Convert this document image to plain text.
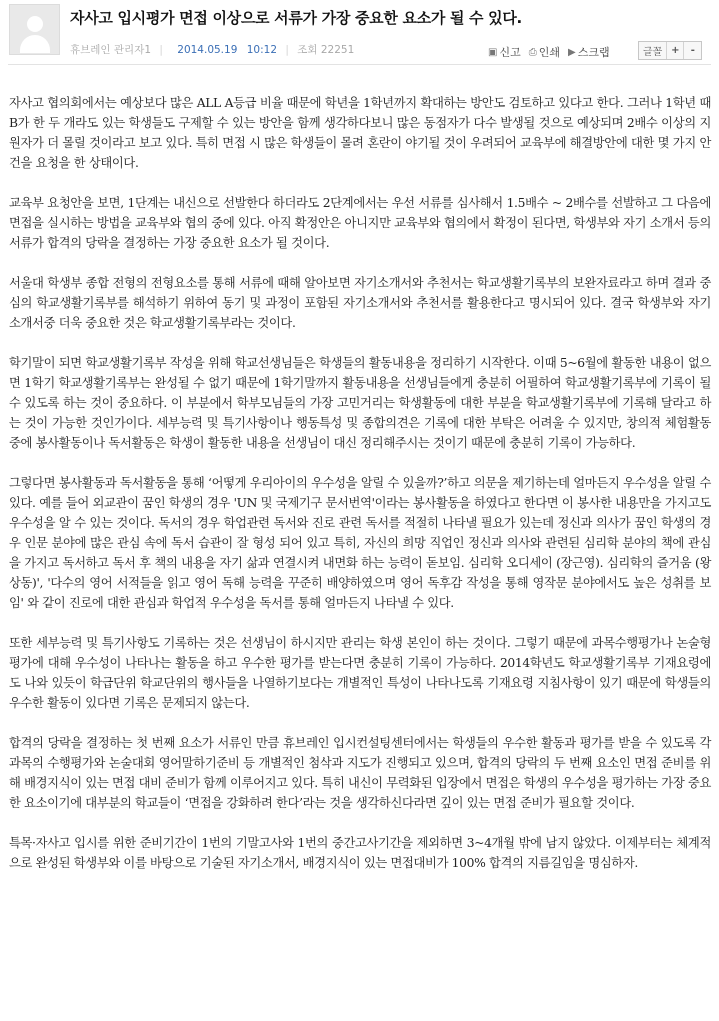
자사고 입시평가 면접 이상으로 서류가 가장 중요한 요소가 될 수 있다.
휴브레인 관리자1 | 2014.05.19 10:12 | 조회 22251	▣ 신고 ⎙ 인쇄 ▶ 스크랩	글꼴 +	-

자사고 협의회에서는 예상보다 많은 ALL A등급 비율 때문에 학년을 1학년까지 확대하는 방안도 검토하고 있다고 한다. 그러나 1학년 때 B가 한 두 개라도 있는 학생들도 구제할 수 있는 방안을 함께 생각하다보니 많은 동점자가 다수 발생될 것으로 예상되며 2배수 이상의 지원자가 더 몰릴 것이라고 보고 있다. 특히 면접 시 많은 학생들이 몰려 혼란이 야기될 것이 우려되어 교육부에 해결방안에 대한 몇 가지 안건을 요청을 한 상태이다.

교육부 요청안을 보면, 1단계는 내신으로 선발한다 하더라도 2단계에서는 우선 서류를 심사해서 1.5배수 ~ 2배수를 선발하고 그 다음에 면접을 실시하는 방법을 교육부와 협의 중에 있다. 아직 확정안은 아니지만 교육부와 협의에서 확정이 된다면, 학생부와 자기 소개서 등의 서류가 합격의 당락을 결정하는 가장 중요한 요소가 될 것이다.

서울대 학생부 종합 전형의 전형요소를 통해 서류에 때해 알아보면 자기소개서와 추천서는 학교생활기록부의 보완자료라고 하며 결과 중심의 학교생활기록부를 해석하기 위하여 동기 및 과정이 포함된 자기소개서와 추천서를 활용한다고 명시되어 있다. 결국 학생부와 자기소개서중 더욱 중요한 것은 학교생활기록부라는 것이다.

학기말이 되면 학교생활기록부 작성을 위해 학교선생님들은 학생들의 활동내용을 정리하기 시작한다. 이때 5~6월에 활동한 내용이 없으면 1학기 학교생활기록부는 완성될 수 없기 때문에 1학기말까지 활동내용을 선생님들에게 충분히 어필하여 학교생활기록부에 기록이 될 수 있도록 하는 것이 중요하다. 이 부분에서 학부모님들의 가장 고민거리는 학생활동에 대한 부분을 학교생활기록부에 기록해 달라고 하는 것이 가능한 것인가이다. 세부능력 및 특기사항이나 행동특성 및 종합의견은 기록에 대한 부탁은 어려울 수 있지만, 창의적 체험활동 중에 봉사활동이나 독서활동은 학생이 활동한 내용을 선생님이 대신 정리해주시는 것이기 때문에 충분히 기록이 가능하다.

그렇다면 봉사활동과 독서활동을 통해 ‘어떻게 우리아이의 우수성을 알릴 수 있을까?’하고 의문을 제기하는데 얼마든지 우수성을 알릴 수 있다. 예를 들어 외교관이 꿈인 학생의 경우 'UN 및 국제기구 문서번역'이라는 봉사활동을 하였다고 한다면 이 봉사한 내용만을 가지고도 우수성을 알 수 있는 것이다. 독서의 경우 학업관련 독서와 진로 관련 독서를 적절히 나타낼 필요가 있는데 정신과 의사가 꿈인 학생의 경우 인문 분야에 많은 관심 속에 독서 습관이 잘 형성 되어 있고 특히, 자신의 희망 직업인 정신과 의사와 관련된 심리학 분야의 책에 관심을 가지고 독서하고 독서 후 책의 내용을 자기 삶과 연결시켜 내면화 하는 능력이 돋보임. 심리학 오디세이 (장근영). 심리학의 즐거움 (왕상동)', '다수의 영어 서적들을 읽고 영어 독해 능력을 꾸준히 배양하였으며 영어 독후감 작성을 통해 영작문 분야에서도 높은 성취를 보임' 와 같이 진로에 대한 관심과 학업적 우수성을 독서를 통해 얼마든지 나타낼 수 있다.

또한 세부능력 및 특기사항도 기록하는 것은 선생님이 하시지만 관리는 학생 본인이 하는 것이다. 그렇기 때문에 과목수행평가나 논술형 평가에 대해 우수성이 나타나는 활동을 하고 우수한 평가를 받는다면 충분히 기록이 가능하다. 2014학년도 학교생활기록부 기재요령에도 나와 있듯이 학급단위 학교단위의 행사들을 나열하기보다는 개별적인 특성이 나타나도록 기재요령 지침사항이 있기 때문에 학생들의 우수한 활동이 있다면 기록은 문제되지 않는다.

합격의 당락을 결정하는 첫 번째 요소가 서류인 만큼 휴브레인 입시컨설팅센터에서는 학생들의 우수한 활동과 평가를 받을 수 있도록 각 과목의 수행평가와 논술대회 영어말하기준비 등 개별적인 첨삭과 지도가 진행되고 있으며, 합격의 당락의 두 번째 요소인 면접 준비를 위해 배경지식이 있는 면접 대비 준비가 함께 이루어지고 있다. 특히 내신이 무력화된 입장에서 면접은 학생의 우수성을 평가하는 가장 중요한 요소이기에 대부분의 학교들이 ‘면접을 강화하려 한다’라는 것을 생각하신다라면 깊이 있는 면접 준비가 필요할 것이다.

특목·자사고 입시를 위한 준비기간이 1번의 기말고사와 1번의 중간고사기간을 제외하면 3~4개월 밖에 남지 않았다. 이제부터는 체계적으로 완성된 학생부와 이를 바탕으로 기술된 자기소개서, 배경지식이 있는 면접대비가 100% 합격의 지름길임을 명심하자.
